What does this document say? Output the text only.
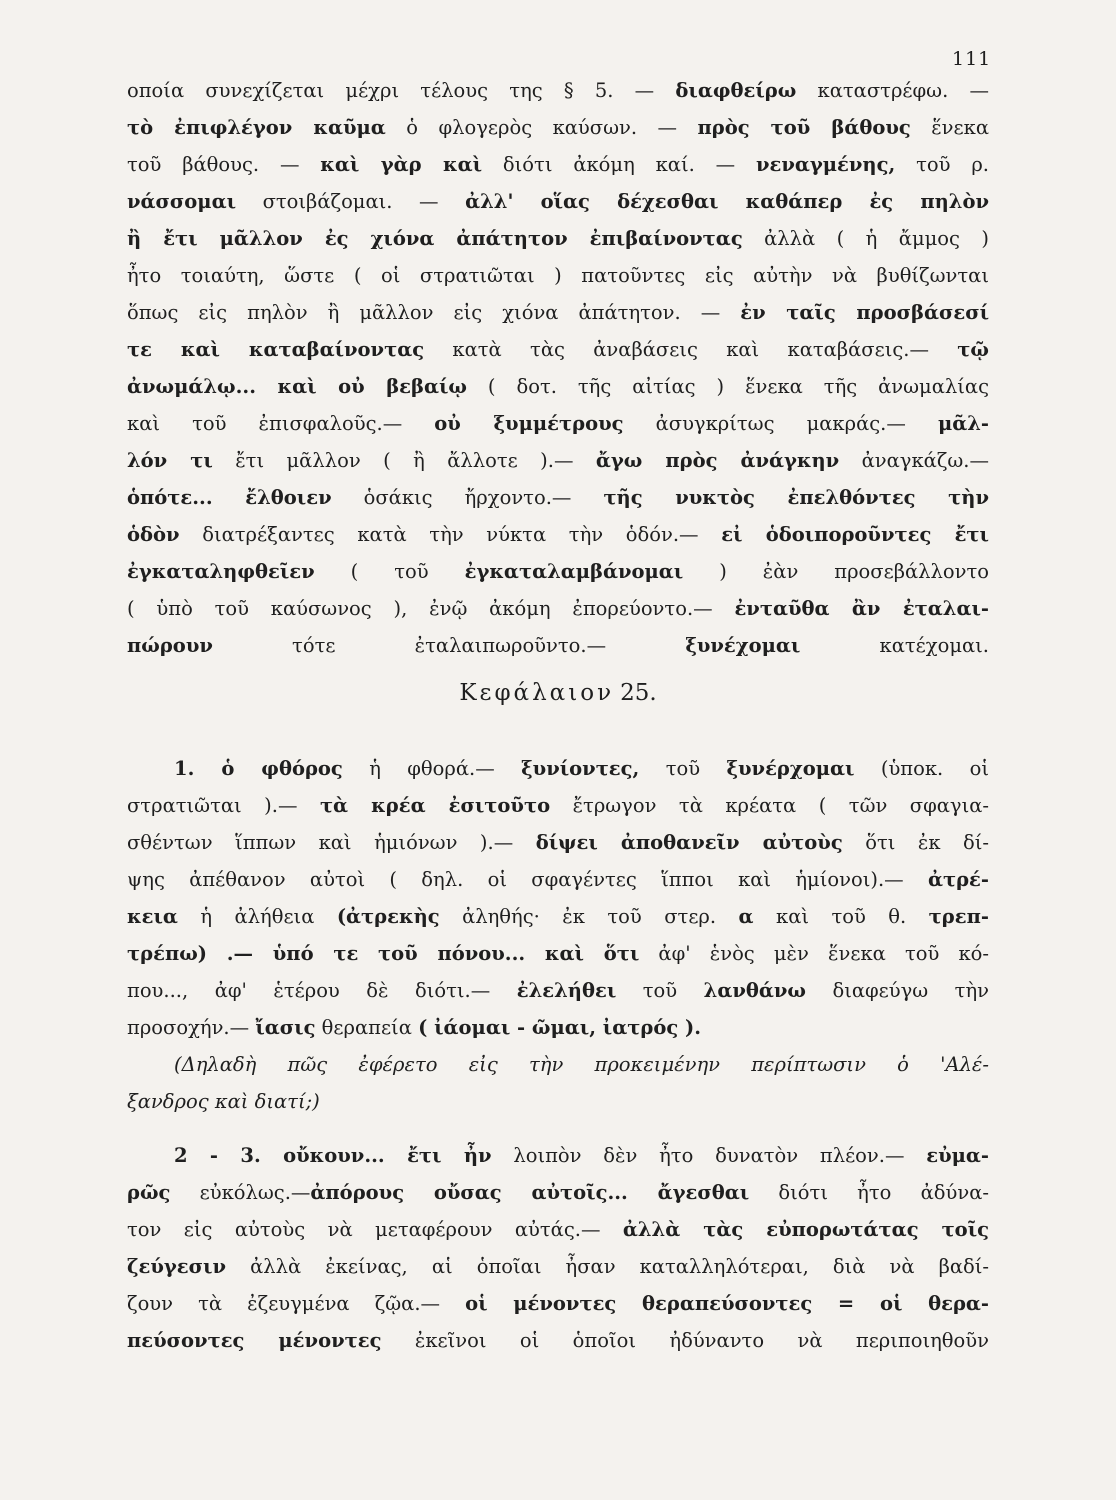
111
οποία συνεχίζεται μέχρι τέλους της § 5. — διαφθείρω καταστρέφω. —
τὸ ἐπιφλέγον καῦμα ὁ φλογερὸς καύσων. — πρὸς τοῦ βάθους ἕνεκα
τοῦ βάθους. — καὶ γὰρ καὶ διότι ἀκόμη καί. — νεναγμένης, τοῦ ρ.
νάσσομαι στοιβάζομαι. — ἀλλ' οἵας δέχεσθαι καθάπερ ἐς πηλὸν
ἢ ἔτι μᾶλλον ἐς χιόνα ἀπάτητον ἐπιβαίνοντας ἀλλὰ ( ἡ ἄμμος )
ἦτο τοιαύτη, ὥστε ( οἱ στρατιῶται ) πατοῦντες εἰς αὐτὴν νὰ βυθίζωνται
ὅπως εἰς πηλὸν ἢ μᾶλλον εἰς χιόνα ἀπάτητον. — ἐν ταῖς προσβάσεσί
τε καὶ καταβαίνοντας κατὰ τὰς ἀναβάσεις καὶ καταβάσεις.— τῷ
ἀνωμάλῳ... καὶ οὐ βεβαίῳ ( δοτ. τῆς αἰτίας ) ἕνεκα τῆς ἀνωμαλίας
καὶ τοῦ ἐπισφαλοῦς.— οὐ ξυμμέτρους ἀσυγκρίτως μακράς.— μᾶλ-
λόν τι ἔτι μᾶλλον ( ἢ ἄλλοτε ).— ἄγω πρὸς ἀνάγκην ἀναγκάζω.—
ὁπότε... ἔλθοιεν ὁσάκις ἤρχοντο.— τῆς νυκτὸς ἐπελθόντες τὴν
ὁδὸν διατρέξαντες κατὰ τὴν νύκτα τὴν ὁδόν.— εἰ ὁδοιποροῦντες ἔτι
ἐγκαταληφθεῖεν ( τοῦ ἐγκαταλαμβάνομαι ) ἐὰν προσεβάλλοντο
( ὑπὸ τοῦ καύσωνος ), ἐνῷ ἀκόμη ἐπορεύοντο.— ἐνταῦθα ἂν ἐταλαι-
πώρουν τότε ἐταλαιπωροῦντο.— ξυνέχομαι κατέχομαι.
Κεφάλαιον 25.
1. ὁ φθόρος ἡ φθορά.— ξυνίοντες, τοῦ ξυνέρχομαι (ὑποκ. οἱ
στρατιῶται ).— τὰ κρέα ἐσιτοῦτο ἔτρωγον τὰ κρέατα ( τῶν σφαγια-
σθέντων ἵππων καὶ ἡμιόνων ).— δίψει ἀποθανεῖν αὐτοὺς ὅτι ἐκ δί-
ψης ἀπέθανον αὐτοὶ ( δηλ. οἱ σφαγέντες ἵπποι καὶ ἡμίονοι).— ἀτρέ-
κεια ἡ ἀλήθεια (ἀτρεκὴς ἀληθής· ἐκ τοῦ στερ. α καὶ τοῦ θ. τρεπ-
τρέπω) .— ὑπό τε τοῦ πόνου... καὶ ὅτι ἀφ' ἑνὸς μὲν ἕνεκα τοῦ κό-
που..., ἀφ' ἑτέρου δὲ διότι.— ἐλελήθει τοῦ λανθάνω διαφεύγω τὴν
προσοχήν.— ἴασις θεραπεία ( ἰάομαι - ῶμαι, ἰατρός ).
(Δηλαδὴ πῶς ἐφέρετο εἰς τὴν προκειμένην περίπτωσιν ὁ 'Αλέ-
ξανδρος καὶ διατί;)
2 - 3. οὔκουν... ἔτι ἦν λοιπὸν δὲν ἦτο δυνατὸν πλέον.— εὐμα-
ρῶς εὐκόλως.—ἀπόρους οὔσας αὐτοῖς... ἄγεσθαι διότι ἦτο ἀδύνα-
τον εἰς αὐτοὺς νὰ μεταφέρουν αὐτάς.— ἀλλὰ τὰς εὐπορωτάτας τοῖς
ζεύγεσιν ἀλλὰ ἐκείνας, αἱ ὁποῖαι ἦσαν καταλληλότεραι, διὰ νὰ βαδί-
ζουν τὰ ἐζευγμένα ζῷα.— οἱ μένοντες θεραπεύσοντες = οἱ θερα-
πεύσοντες μένοντες ἐκεῖνοι οἱ ὁποῖοι ἠδύναντο νὰ περιποιηθοῦν
